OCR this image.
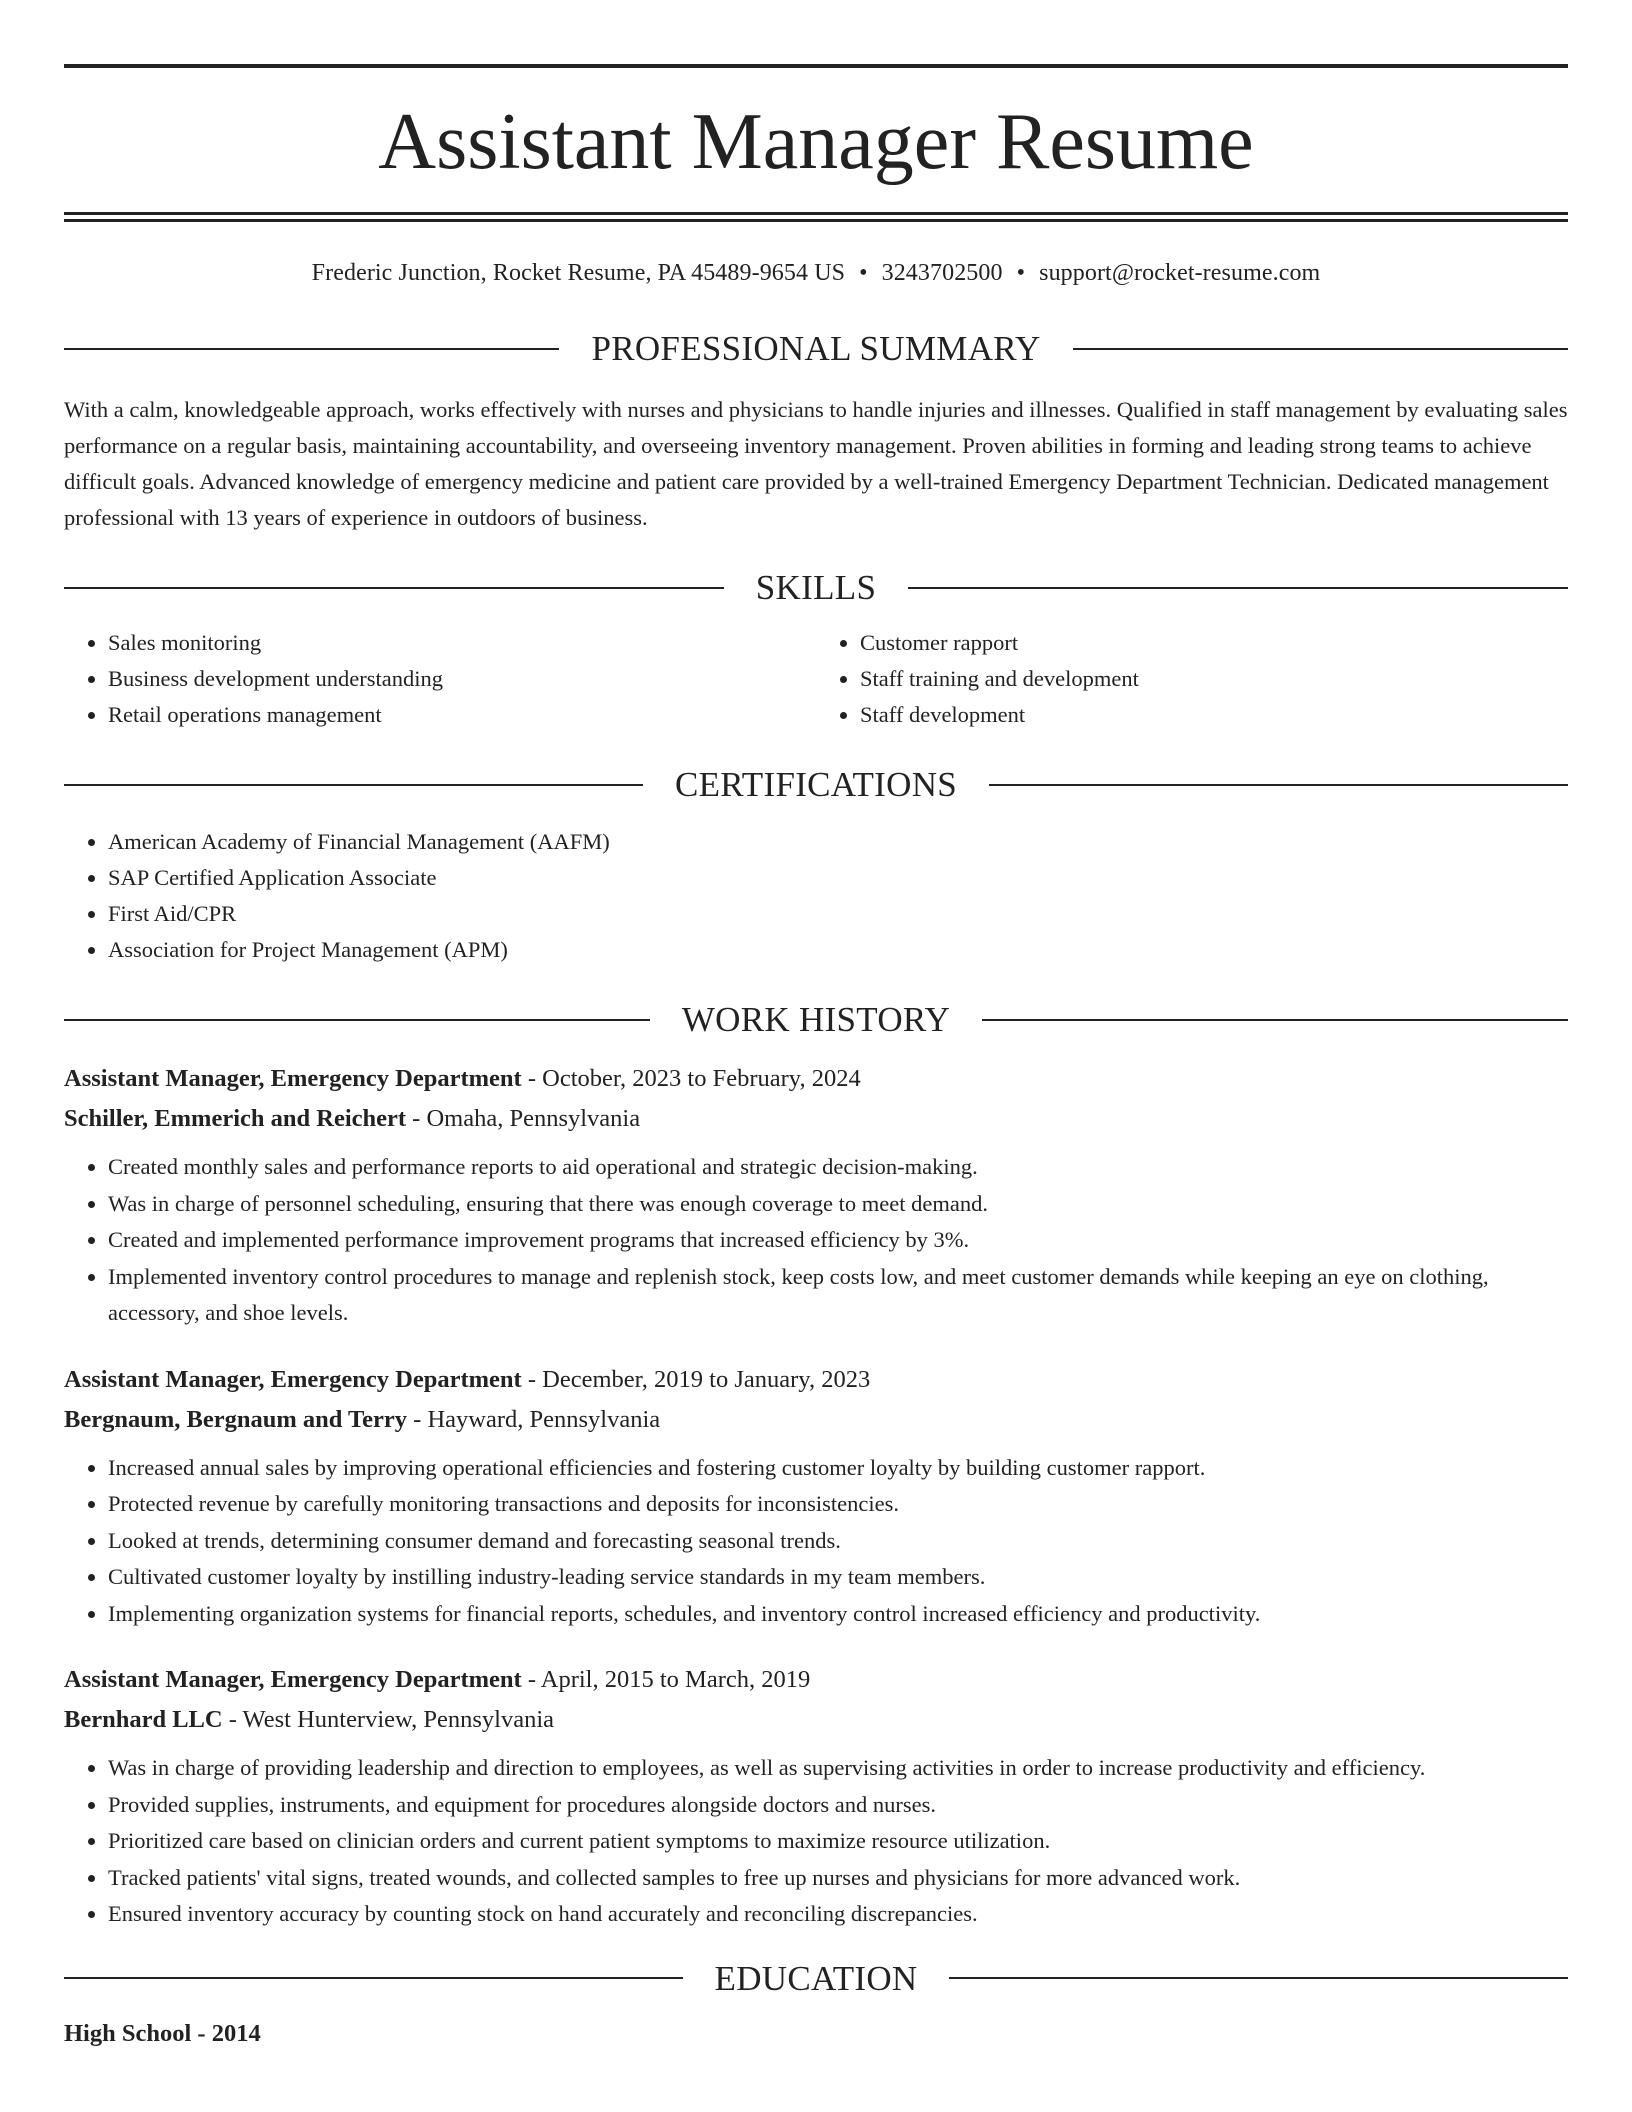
Assistant Manager Resume
Frederic Junction, Rocket Resume, PA 45489-9654 US • 3243702500 • support@rocket-resume.com
PROFESSIONAL SUMMARY
With a calm, knowledgeable approach, works effectively with nurses and physicians to handle injuries and illnesses. Qualified in staff management by evaluating sales performance on a regular basis, maintaining accountability, and overseeing inventory management. Proven abilities in forming and leading strong teams to achieve difficult goals. Advanced knowledge of emergency medicine and patient care provided by a well-trained Emergency Department Technician. Dedicated management professional with 13 years of experience in outdoors of business.
SKILLS
• Sales monitoring
• Business development understanding
• Retail operations management
• Customer rapport
• Staff training and development
• Staff development
CERTIFICATIONS
• American Academy of Financial Management (AAFM)
• SAP Certified Application Associate
• First Aid/CPR
• Association for Project Management (APM)
WORK HISTORY
Assistant Manager, Emergency Department - October, 2023 to February, 2024
Schiller, Emmerich and Reichert - Omaha, Pennsylvania
• Created monthly sales and performance reports to aid operational and strategic decision-making.
• Was in charge of personnel scheduling, ensuring that there was enough coverage to meet demand.
• Created and implemented performance improvement programs that increased efficiency by 3%.
• Implemented inventory control procedures to manage and replenish stock, keep costs low, and meet customer demands while keeping an eye on clothing, accessory, and shoe levels.
Assistant Manager, Emergency Department - December, 2019 to January, 2023
Bergnaum, Bergnaum and Terry - Hayward, Pennsylvania
• Increased annual sales by improving operational efficiencies and fostering customer loyalty by building customer rapport.
• Protected revenue by carefully monitoring transactions and deposits for inconsistencies.
• Looked at trends, determining consumer demand and forecasting seasonal trends.
• Cultivated customer loyalty by instilling industry-leading service standards in my team members.
• Implementing organization systems for financial reports, schedules, and inventory control increased efficiency and productivity.
Assistant Manager, Emergency Department - April, 2015 to March, 2019
Bernhard LLC - West Hunterview, Pennsylvania
• Was in charge of providing leadership and direction to employees, as well as supervising activities in order to increase productivity and efficiency.
• Provided supplies, instruments, and equipment for procedures alongside doctors and nurses.
• Prioritized care based on clinician orders and current patient symptoms to maximize resource utilization.
• Tracked patients' vital signs, treated wounds, and collected samples to free up nurses and physicians for more advanced work.
• Ensured inventory accuracy by counting stock on hand accurately and reconciling discrepancies.
EDUCATION
High School - 2014
